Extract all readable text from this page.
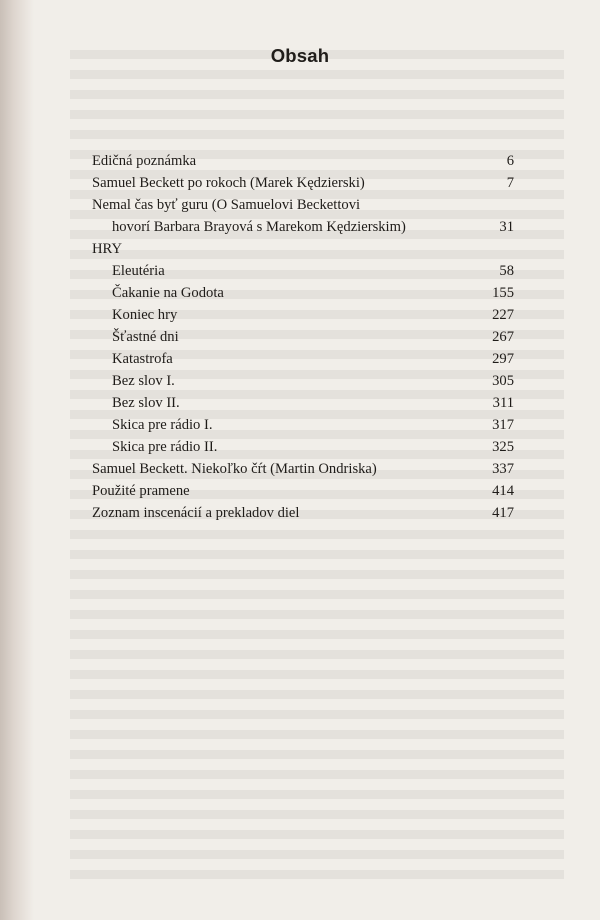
Obsah
Edičná poznámka	6
Samuel Beckett po rokoch (Marek Kędzierski)	7
Nemal čas byť guru (O Samuelovi Beckettovi
hovorí Barbara Brayová s Marekom Kędzierskim)	31
HRY
Eleutéria	58
Čakanie na Godota	155
Koniec hry	227
Šťastné dni	267
Katastrofa	297
Bez slov I.	305
Bez slov II.	311
Skica pre rádio I.	317
Skica pre rádio II.	325
Samuel Beckett. Niekoľko čŕt (Martin Ondriska)	337
Použité pramene	414
Zoznam inscenácií a prekladov diel	417
